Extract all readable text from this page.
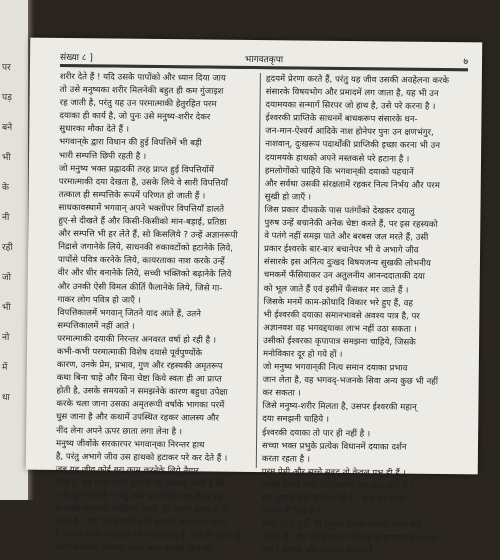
पर
पड़
बने
भी
के
नी
रही
जो
भी
नो
में
धा
संख्या ८ ]	भागवतकृपा	७
शरीर देते हैं ! यदि उसके पापोंको और ध्यान दिया जाय
तो उसे मनुष्यका शरीर मिलनेकी बहुत ही कम गुंजाइश
रह जाती है, परंतु यह उन परमात्माकी हेतुरहित परम
दयाका ही कार्य है, जो पुनः उसे मनुष्य-शरीर देकर
सुधारका मौका देते हैं ।
भगवान्‌के द्वारा विधान की हुई विपत्तिमें भी बड़ी
भारी सम्पत्ति छिपी रहती है ।
जो मनुष्य भक्त प्रह्लादकी तरह प्राप्त हुई विपत्तियोंमें
परमात्माकी दया देखता है, उसके लिये वे सारी विपत्तियाँ
तत्काल ही सम्पत्तिके रूपमें परिणत हो जाती हैं ।
साधकावस्थामें भगवान् अपने भक्तोंपर विपत्तियाँ डालते
हुए-से दीखते हैं और किसी-किसीको मान-बड़ाई, प्रतिष्ठा
और सम्पत्ति भी हर लेते हैं, सो किसलिये ? उन्हें अज्ञानरूपी
निद्रासे जगानेके लिये, साधनकी रुकावटोंको हटानेके लिये,
पापोंसे पवित्र करनेके लिये, कायरताका नाश करके उन्हें
वीर और धीर बनानेके लिये, सच्ची भक्तिको बढ़ानेके लिये
और उनकी ऐसी विमल कीर्ति फैलानेके लिये, जिसे गा-
गाकर लोग पवित्र हो जाएँ ।
विपत्तिकालमें भगवान् जितने याद आते हैं, उतने
सम्पत्तिकालमें नहीं आते ।
परमात्माकी दयाकी निरन्तर अनवरत वर्षा हो रही है ।
कभी-कभी परमात्माकी विशेष दयासे पूर्वपुण्योंके
कारण, उनके प्रेम, प्रभाव, गुण और रहस्यकी अमृतरूप
कथा बिना चाहे और बिना चेष्टा किये स्वतः ही आ प्राप्त
होती है, उसके समयको न समझनेके कारण बहुधा उपेक्षा
करके चला जाना उसका अमृतरूपी वर्षाके भागका परमें
घुस जाना है और कथामें उपस्थित रहकर आलस्य और
नींद लेना अपने ऊपर छाता लगा लेना है ।
मनुष्य जीवोंके सरकारपर भगवान्‌का निरन्तर हाथ
है, परंतु अभागे जीव उस हाथको हटाकर परे कर देते हैं ।
जब यह जीव कोई बुरा काम करनेके लिये तैयार
होता है, तब प्रायः उसके हृदयमें यह आवाज आती है कि
' यह बुरा काम है ' परंतु काम या लोभके वश होकर वह
ईश्वरकी आज्ञाकी अवहेलना करके बुरे काममें प्रवृत्त हो ही
जाता है—यही उन कृपासिन्धुकी कृपाकी अवहेलना करना
है अथवा अपने भलाईकर जो उनका हाथ है, उसे परे हटाना है ।
समय-समयपर परमेश्वर उत्तम काम करनेके लिये भी
हृदयमें प्रेरणा करते हैं, परंतु यह जीव उसकी अवहेलना करके
संसारके विषयभोग और प्रमादमें लग जाता है, यह भी उन
दयामयका सन्मार्ग सिरपर जो हाथ है, उसे परे करना है ।
ईश्वरकी प्राप्तिके साधनमें बाधकरूप संसारके धन-
जन-मान-ऐश्वर्य आदिके नाश होनेपर पुनः उन क्षणभंगुर,
नाशवान्, दुःखरूप पदार्थोंकी प्राप्तिकी इच्छा करना भी उन
दयामयके हाथको अपने मस्तकसे परे हटाना है ।
हमलोगोंको चाहिये कि भगवान्‌की दयाको पहचानें
और सर्वथा उसकी संरक्षतामें रहकर नित्य निर्भय और परम
सुखी हो जाएँ ।
जिस प्रकार दीपकके पास पतंगोंको देखकर दयालु
पुरुष उन्हें बचानेकी अनेक चेष्टा करते हैं, पर इस रहस्यको
वे पतंगे नहीं समझ पाते और बरबस जल मरते हैं, उसी
प्रकार ईश्वरके बार-बार बचानेपर भी वे अभागे जीव
संसारके इस अनित्य दुःखद विषयजन्य सुखकी लोभनीय
चमकमें फँसियाकर उन अतुलनीय आनन्ददाताकी दया
को भूल जाते हैं एवं इसीमें फँसकर मर जाते हैं ।
जिसके मनमें काम-क्रोधादि विकार भरे हुए हैं, वह
भी ईश्वरकी दयाका समानभावसे अवश्य पात्र है, पर
अज्ञानवश वह भगवद्दयाका लाभ नहीं उठा सकता ।
उसीको ईश्वरका कृपापात्र समझना चाहिये, जिसके
मनोविकार दूर हो गये हों ।
जो मनुष्य भगवान्‌की नित्य समान दयाका प्रभाव
जान लेता है, वह भगवद्-भजनके सिवा अन्य कुछ भी नहीं
कर सकता ।
जिसे मनुष्य-शरीर मिलता है, उसपर ईश्वरकी महान्
दया समझनी चाहिये ।
ईश्वरकी दयाका तो पार ही नहीं है ।
सच्चा भक्त प्रभुके प्रत्येक विधानमें दयाका दर्शन
करता रहता है ।
परम प्रेमी और सच्चे सुहृद् तो केवल प्रभु ही हैं ।
उनकी दयामें न्याय और न्यायमें दया ओत-प्रोत है ।
सब कुछ प्रभुका पुरस्कार ही है । मृत्यु भी उनकी
दयाका ही चिह्न है ।
भक्त तो मृत्युको भी प्रभुका प्रसाद मानकर प्रेमसे गले
लगाता है ! वह उसे ईश्वरका भेजा हुआ पुरस्कार समझकर
उसीमें आनन्द और कल्याण मानता है ।
